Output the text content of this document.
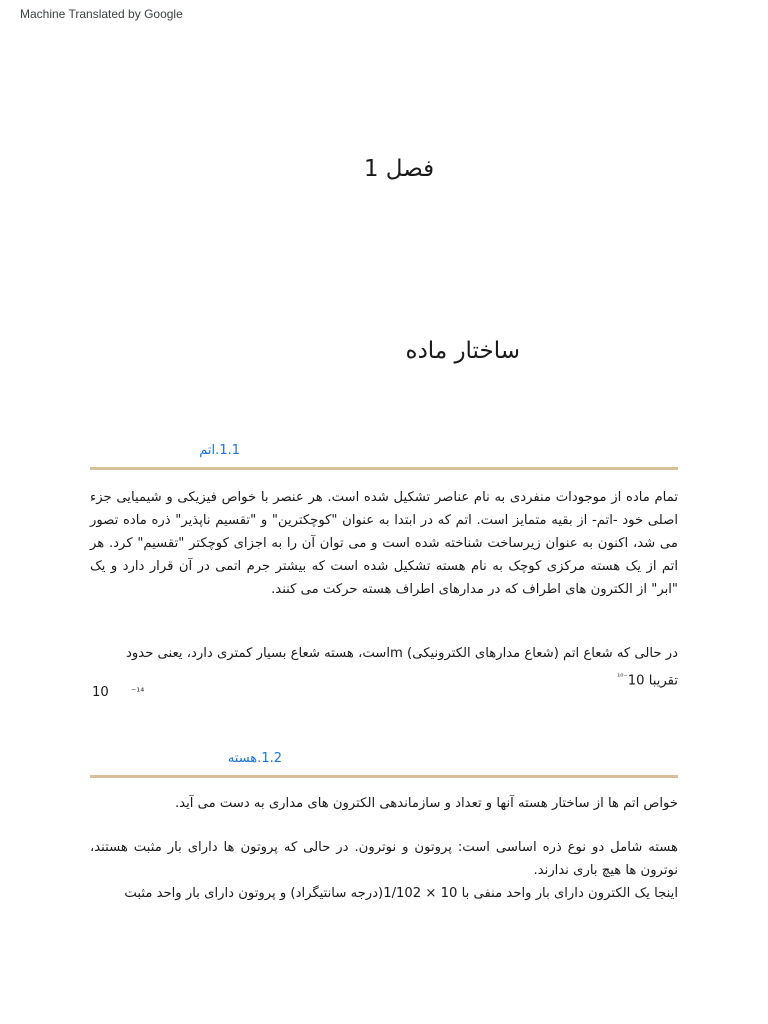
Machine Translated by Google
فصل 1
ساختار ماده
1.1.اتم

تمام ماده از موجودات منفردی به نام عناصر تشکیل شده است. هر عنصر با خواص فیزیکی و شیمیایی جزء اصلی خود -اتم- از بقیه متمایز است. اتم که در ابتدا به عنوان "کوچکترین" و "تقسیم ناپذیر" ذره ماده تصور می شد، اکنون به عنوان زیرساخت شناخته شده است و می توان آن را به اجزای کوچکتر "تقسیم" کرد. هر اتم از یک هسته مرکزی کوچک به نام هسته تشکیل شده است که بیشتر جرم اتمی در آن قرار دارد و یک "ابر" از الکترون های اطراف که در مدارهای اطراف هسته حرکت می کنند.

در حالی که شعاع اتم (شعاع مدارهای الکترونیکی) mاست، هسته شعاع بسیار کمتری دارد، یعنی حدود

تقریبا $10^{^{-10}}$

10 ⁻¹⁴
1.2.هسته

خواص اتم ها از ساختار هسته آنها و تعداد و سازماندهی الکترون های مداری به دست می آید.

هسته شامل دو نوع ذره اساسی است: پروتون و نوترون. در حالی که پروتون ها دارای بار مثبت هستند، نوترون ها هیچ باری ندارند.

اینجا یک الکترون دارای بار واحد منفی با 10 × 1/102(درجه سانتیگراد) و پروتون دارای بار واحد مثبت
